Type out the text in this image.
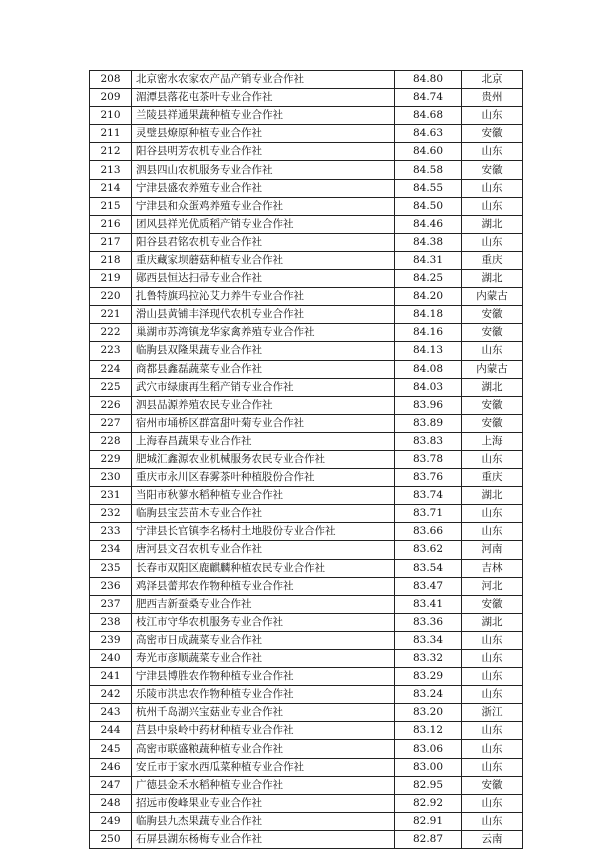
208	北京密水农家农产品产销专业合作社	84.80	北京
209	湄潭县落花屯茶叶专业合作社	84.74	贵州
210	兰陵县祥通果蔬种植专业合作社	84.68	山东
211	灵璧县燎原种植专业合作社	84.63	安徽
212	阳谷县明芳农机专业合作社	84.60	山东
213	泗县四山农机服务专业合作社	84.58	安徽
214	宁津县盛农养殖专业合作社	84.55	山东
215	宁津县和众蛋鸡养殖专业合作社	84.50	山东
216	团风县祥光优质稻产销专业合作社	84.46	湖北
217	阳谷县君铭农机专业合作社	84.38	山东
218	重庆藏家坝蘑菇种植专业合作社	84.31	重庆
219	郧西县恒达扫帚专业合作社	84.25	湖北
220	扎鲁特旗玛拉沁艾力养牛专业合作社	84.20	内蒙古
221	滑山县黄铺丰泽现代农机专业合作社	84.18	安徽
222	巢湖市苏湾镇龙华家禽养殖专业合作社	84.16	安徽
223	临朐县双隆果蔬专业合作社	84.13	山东
224	商都县鑫磊蔬菜专业合作社	84.08	内蒙古
225	武穴市绿康再生稻产销专业合作社	84.03	湖北
226	泗县品源养殖农民专业合作社	83.96	安徽
227	宿州市埇桥区群富甜叶菊专业合作社	83.89	安徽
228	上海春昌蔬果专业合作社	83.83	上海
229	肥城汇鑫源农业机械服务农民专业合作社	83.78	山东
230	重庆市永川区春雾茶叶种植股份合作社	83.76	重庆
231	当阳市秋蓼水稻种植专业合作社	83.74	湖北
232	临朐县宝芸苗木专业合作社	83.71	山东
233	宁津县长官镇李名杨村土地股份专业合作社	83.66	山东
234	唐河县文召农机专业合作社	83.62	河南
235	长春市双阳区鹿麒麟种植农民专业合作社	83.54	吉林
236	鸡泽县蕾邦农作物种植专业合作社	83.47	河北
237	肥西吉新蚕桑专业合作社	83.41	安徽
238	枝江市守华农机服务专业合作社	83.36	湖北
239	高密市日成蔬菜专业合作社	83.34	山东
240	寿光市彦顺蔬菜专业合作社	83.32	山东
241	宁津县博胜农作物种植专业合作社	83.29	山东
242	乐陵市洪忠农作物种植专业合作社	83.24	山东
243	杭州千岛湖兴宝菇业专业合作社	83.20	浙江
244	莒县中泉岭中药材种植专业合作社	83.12	山东
245	高密市联盛粮蔬种植专业合作社	83.06	山东
246	安丘市于家水西瓜菜种植专业合作社	83.00	山东
247	广德县金禾水稻种植专业合作社	82.95	安徽
248	招远市俊峰果业专业合作社	82.92	山东
249	临朐县九杰果蔬专业合作社	82.91	山东
250	石屏县湖东杨梅专业合作社	82.87	云南
